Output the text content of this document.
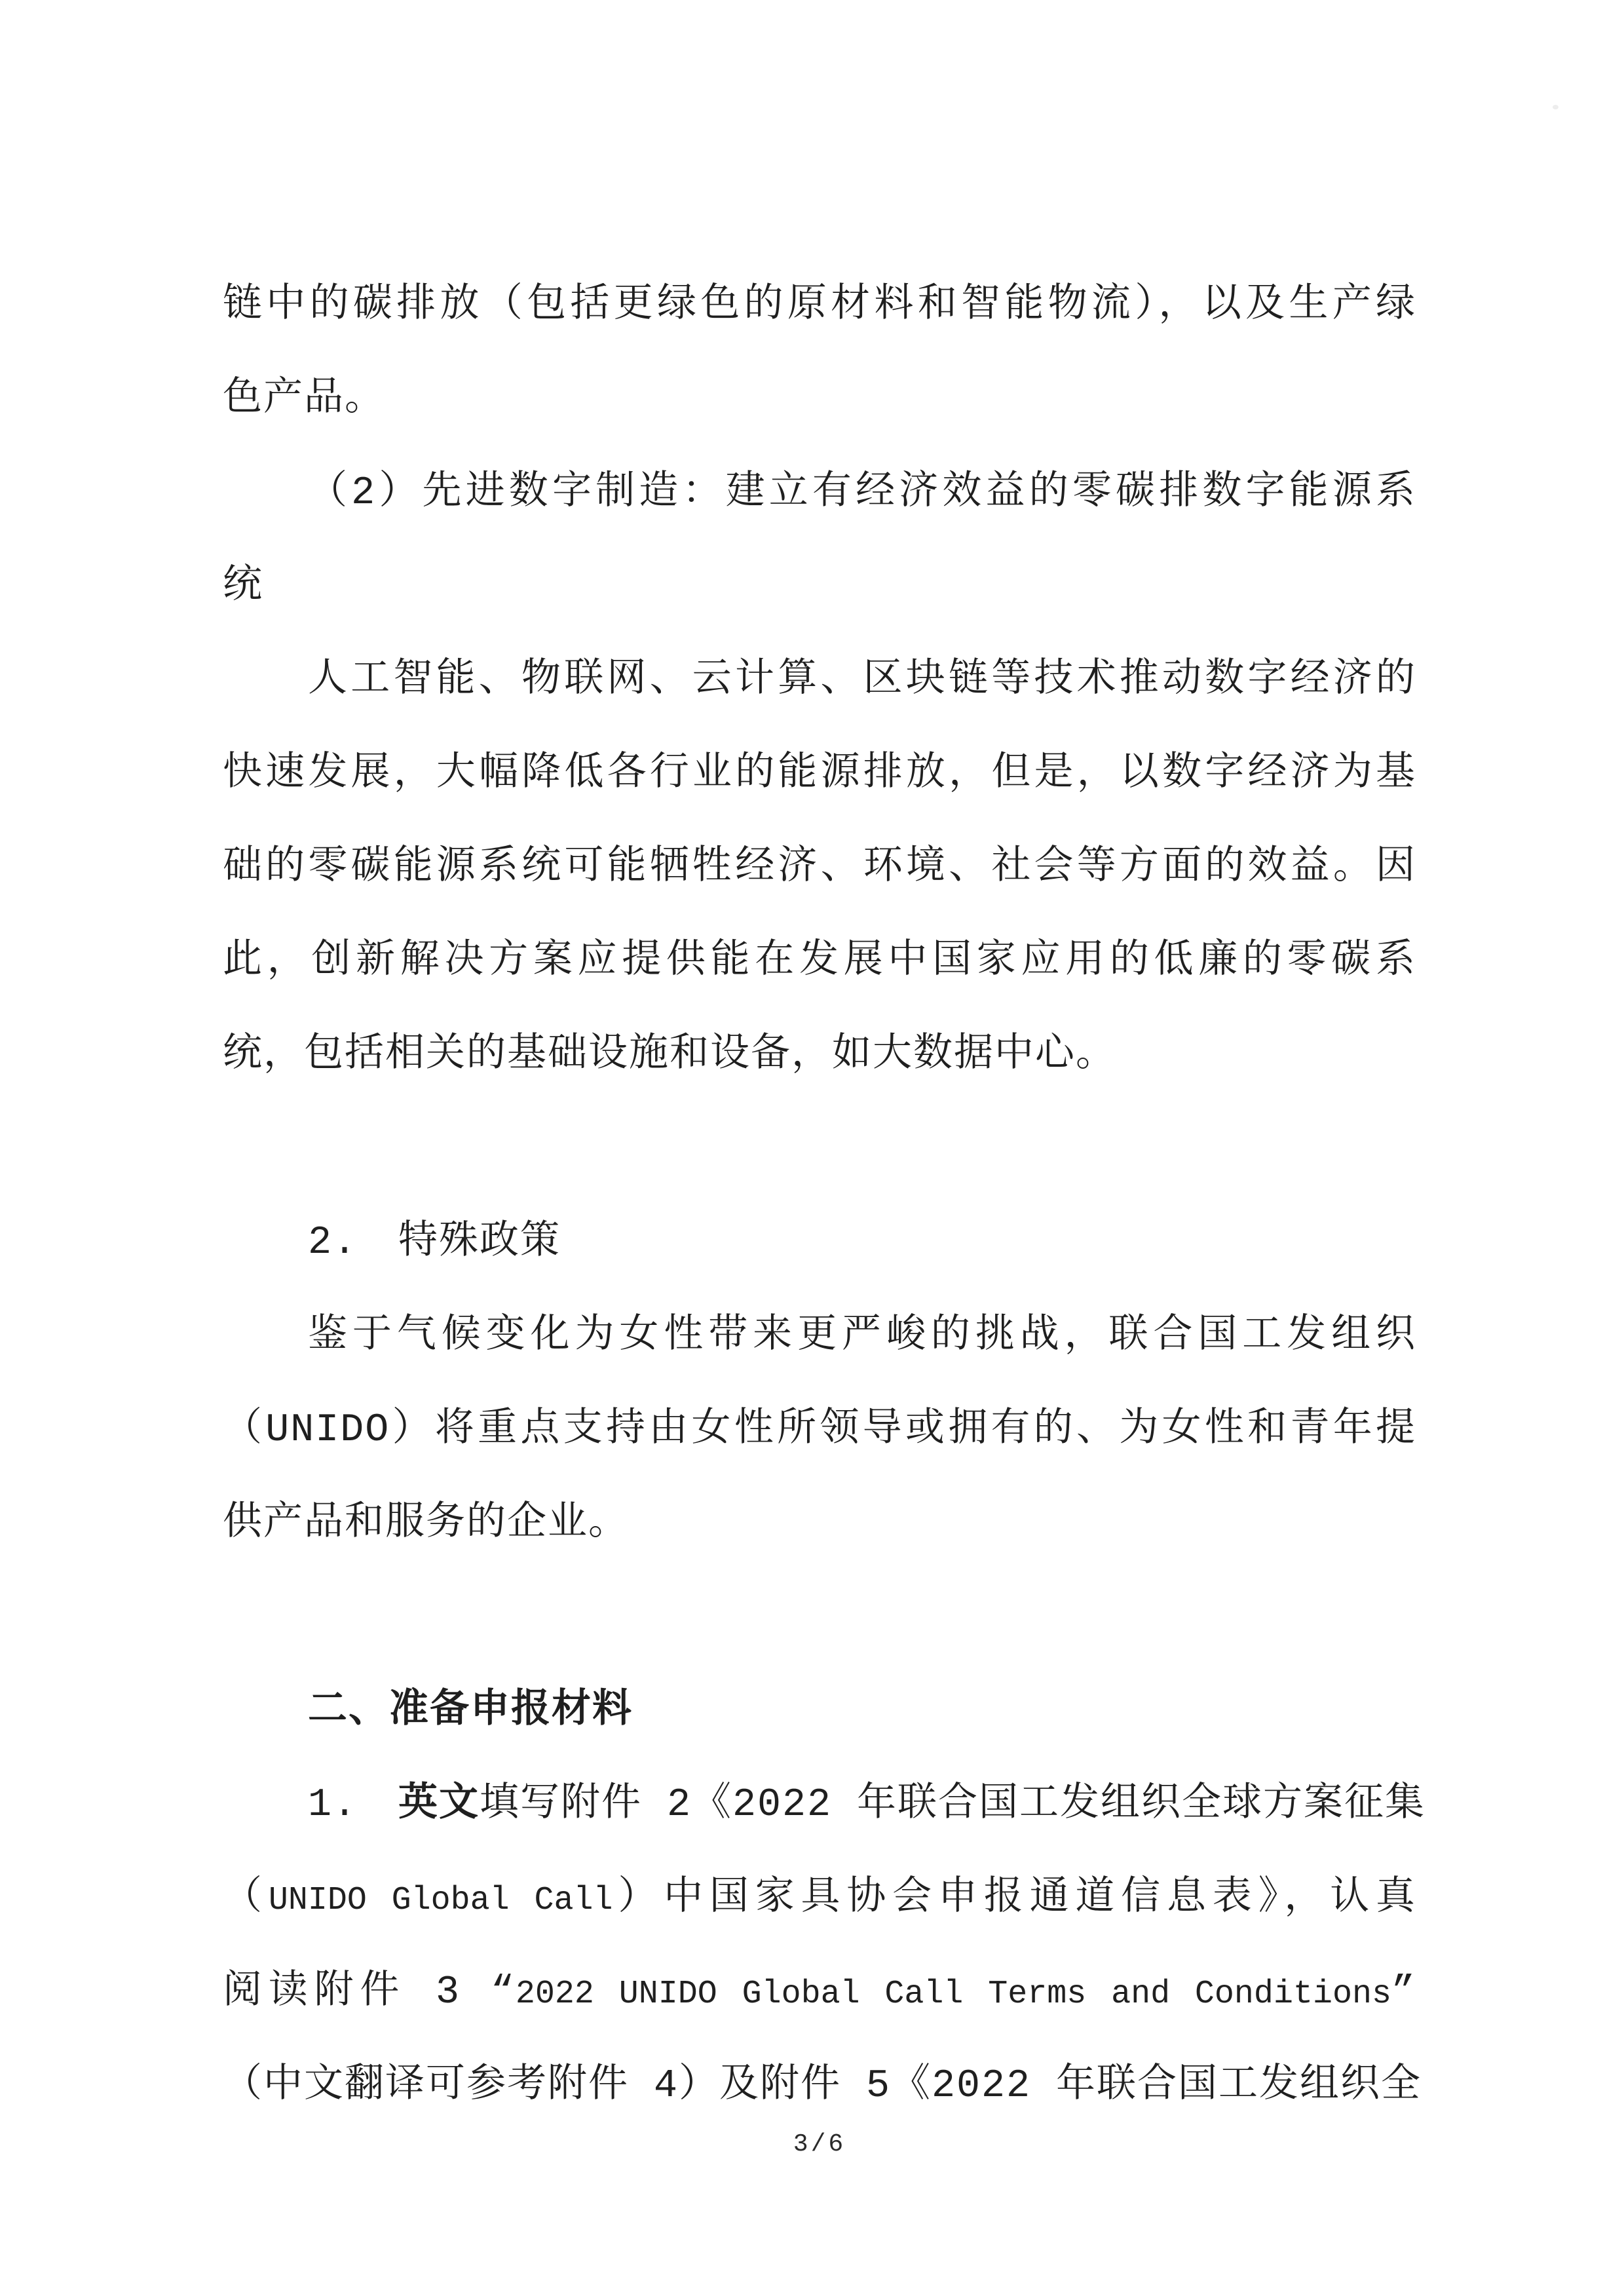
链中的碳排放（包括更绿色的原材料和智能物流），以及生产绿
色产品。
（2）先进数字制造：建立有经济效益的零碳排数字能源系
统
人工智能、物联网、云计算、区块链等技术推动数字经济的
快速发展，大幅降低各行业的能源排放，但是，以数字经济为基
础的零碳能源系统可能牺牲经济、环境、社会等方面的效益。因
此，创新解决方案应提供能在发展中国家应用的低廉的零碳系
统，包括相关的基础设施和设备，如大数据中心。
2.　特殊政策
鉴于气候变化为女性带来更严峻的挑战，联合国工发组织
（UNIDO）将重点支持由女性所领导或拥有的、为女性和青年提
供产品和服务的企业。
二、准备申报材料
1.　英文填写附件 2《2022 年联合国工发组织全球方案征集
（UNIDO Global Call）中国家具协会申报通道信息表》，认真
阅读附件 3 “2022 UNIDO Global Call Terms and Conditions”
（中文翻译可参考附件 4）及附件 5《2022 年联合国工发组织全
3/6
